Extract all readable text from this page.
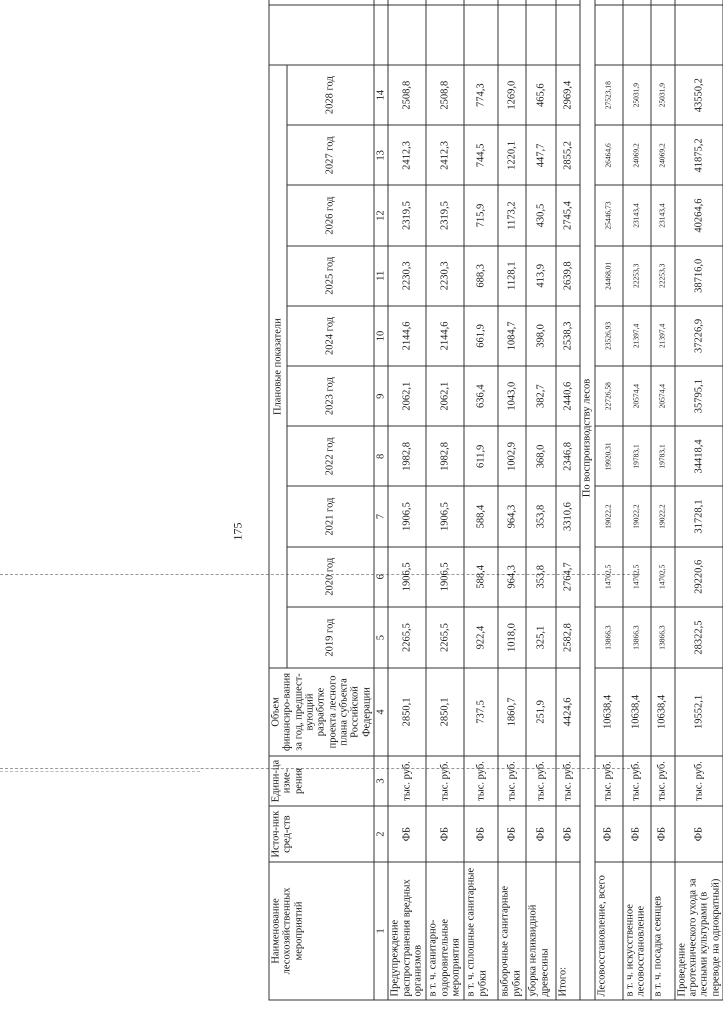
175
Наименование лесохозяйственных мероприятий	Источ-ник сред-ств	Едини-ца изме-рения	Объем финансиро-вания за год, предшест-вующий разработке проекта лесного плана субъекта Российской Федерации	Плановые показатели			
				2019 год	2020 год	2021 год	2022 год	2023 год	2024 год	2025 год	2026 год	2027 год	2028 год			
1	2	3	4	5	6	7	8	9	10	11	12	13	14			
Предупреждение распространения вредных организмов	ФБ	тыс. руб.	2850,1	2265,5	1906,5	1906,5	1982,8	2062,1	2144,6	2230,3	2319,5	2412,3	2508,8			
в т. ч. санитарно-оздоровительные мероприятия	ФБ	тыс. руб.	2850,1	2265,5	1906,5	1906,5	1982,8	2062,1	2144,6	2230,3	2319,5	2412,3	2508,8			
в т. ч. сплошные санитарные рубки	ФБ	тыс. руб.	737,5	922,4	588,4	588,4	611,9	636,4	661,9	688,3	715,9	744,5	774,3			
выборочные санитарные рубки	ФБ	тыс. руб.	1860,7	1018,0	964,3	964,3	1002,9	1043,0	1084,7	1128,1	1173,2	1220,1	1269,0			
уборка неликвидной древесины	ФБ	тыс. руб.	251,9	325,1	353,8	353,8	368,0	382,7	398,0	413,9	430,5	447,7	465,6			
Итого:	ФБ	тыс. руб.	4424,6	2582,8	2764,7	3310,6	2346,8	2440,6	2538,3	2639,8	2745,4	2855,2	2969,4			
По воспроизводству лесов																
Лесовосстановление, всего	ФБ	тыс. руб.	10638,4	13866,3	14702,5	19022,2	19920,31	22726,58	23526,93	24468,01	25446,73	26464,6	27523,18			
в т. ч. искусственное лесовосстановление	ФБ	тыс. руб.	10638,4	13866,3	14702,5	19022,2	19783,1	20574,4	21397,4	22253,3	23143,4	24069,2	25031,9			
в т. ч. посадка сеянцев	ФБ	тыс. руб.	10638,4	13866,3	14702,5	19022,2	19783,1	20574,4	21397,4	22253,3	23143,4	24069,2	25031,9			
Проведение агротехнического ухода за лесными культурами (в переводе на однократный)	ФБ	тыс. руб.	19552,1	28322,5	29220,6	31728,1	34418,4	35795,1	37226,9	38716,0	40264,6	41875,2	43550,2			
